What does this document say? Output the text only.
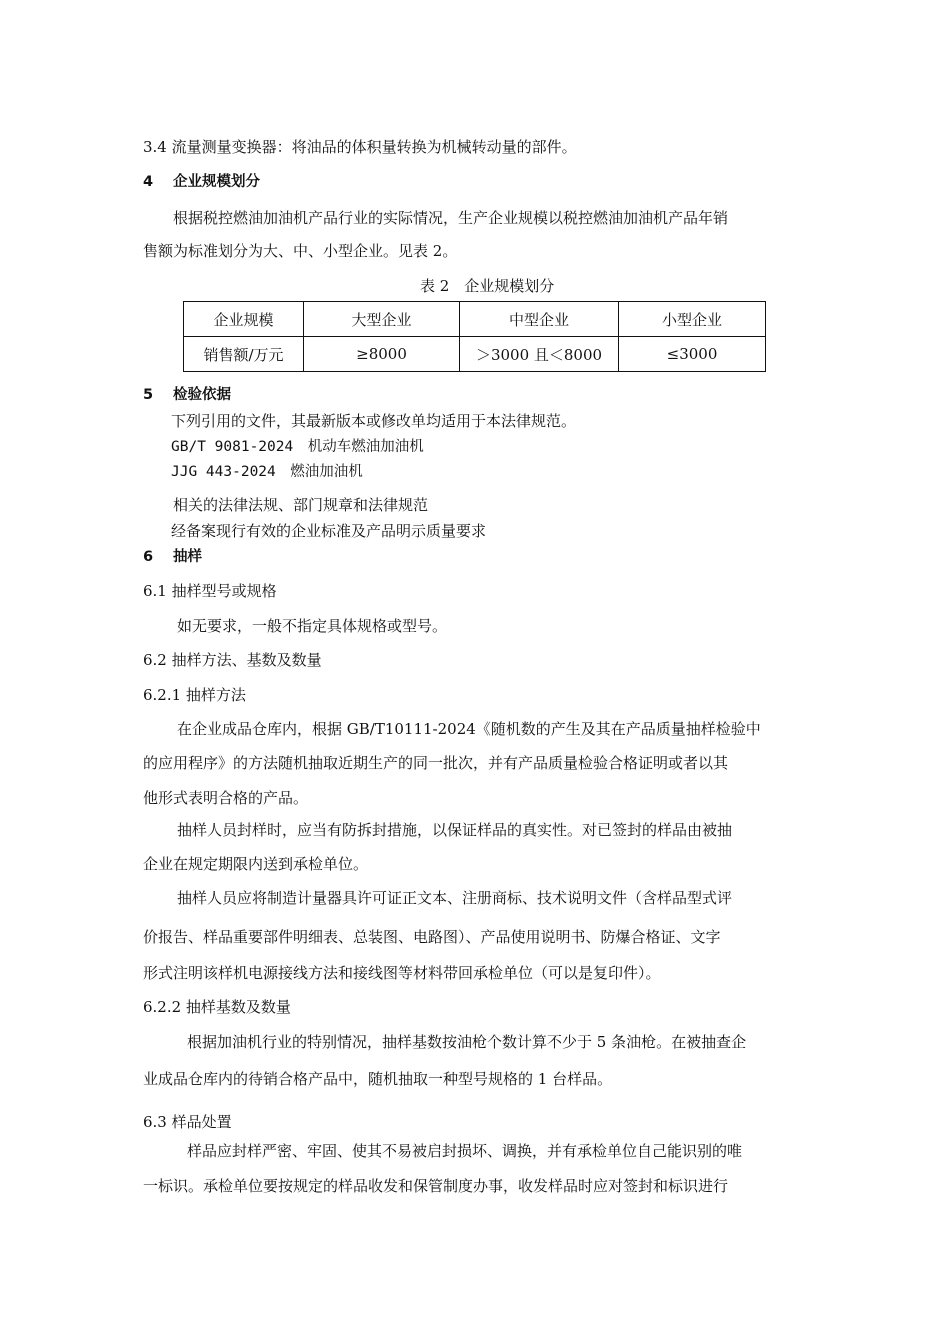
3.4 流量测量变换器：将油品的体积量转换为机械转动量的部件。
4 企业规模划分
根据税控燃油加油机产品行业的实际情况，生产企业规模以税控燃油加油机产品年销
售额为标准划分为大、中、小型企业。见表 2。
表 2　企业规模划分
企业规模	大型企业	中型企业	小型企业
销售额/万元	≥8000	＞3000 且＜8000	≤3000
5 检验依据
下列引用的文件，其最新版本或修改单均适用于本法律规范。
GB/T 9081-2024　机动车燃油加油机
JJG 443-2024　燃油加油机
相关的法律法规、部门规章和法律规范
经备案现行有效的企业标准及产品明示质量要求
6 抽样
6.1 抽样型号或规格
如无要求，一般不指定具体规格或型号。
6.2 抽样方法、基数及数量
6.2.1 抽样方法
在企业成品仓库内，根据 GB/T10111-2024《随机数的产生及其在产品质量抽样检验中
的应用程序》的方法随机抽取近期生产的同一批次，并有产品质量检验合格证明或者以其
他形式表明合格的产品。
抽样人员封样时，应当有防拆封措施，以保证样品的真实性。对已签封的样品由被抽
企业在规定期限内送到承检单位。
抽样人员应将制造计量器具许可证正文本、注册商标、技术说明文件（含样品型式评
价报告、样品重要部件明细表、总装图、电路图）、产品使用说明书、防爆合格证、文字
形式注明该样机电源接线方法和接线图等材料带回承检单位（可以是复印件）。
6.2.2 抽样基数及数量
根据加油机行业的特别情况，抽样基数按油枪个数计算不少于 5 条油枪。在被抽查企
业成品仓库内的待销合格产品中，随机抽取一种型号规格的 1 台样品。
6.3 样品处置
样品应封样严密、牢固、使其不易被启封损坏、调换，并有承检单位自己能识别的唯
一标识。承检单位要按规定的样品收发和保管制度办事，收发样品时应对签封和标识进行
